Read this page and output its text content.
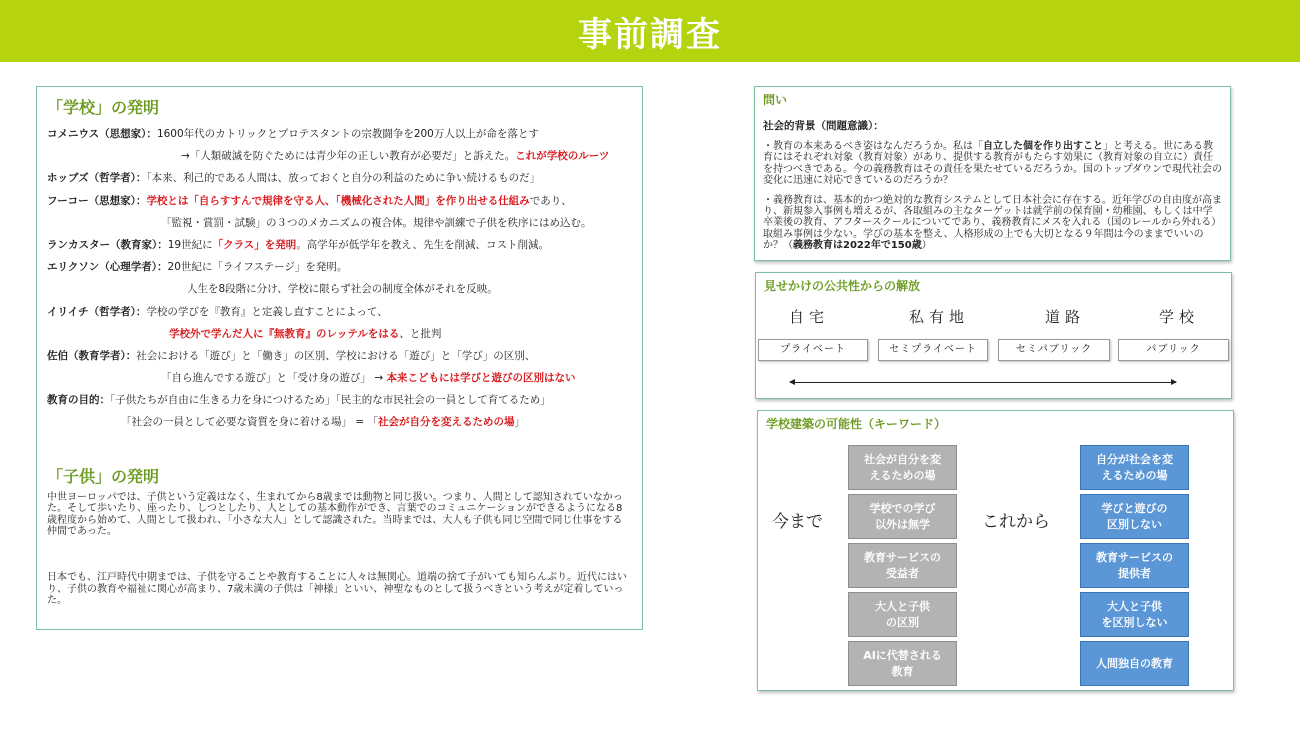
事前調査
「学校」の発明
コメニウス（思想家）：1600年代のカトリックとプロテスタントの宗教闘争を200万人以上が命を落とす
→「人類破滅を防ぐためには青少年の正しい教育が必要だ」と訴えた。これが学校のルーツ
ホッブズ（哲学者）：「本来、利己的である人間は、放っておくと自分の利益のために争い続けるものだ」
フーコー（思想家）：学校とは「自らすすんで規律を守る人、「機械化された人間」を作り出せる仕組みであり、
「監視・賞罰・試験」の３つのメカニズムの複合体。規律や訓練で子供を秩序にはめ込む。
ランカスター（教育家）：19世紀に「クラス」を発明。高学年が低学年を教え、先生を削減、コスト削減。
エリクソン（心理学者）：20世紀に「ライフステージ」を発明。
人生を8段階に分け、学校に限らず社会の制度全体がそれを反映。
イリイチ（哲学者）：学校の学びを『教育』と定義し直すことによって、
学校外で学んだ人に『無教育』のレッテルをはる、と批判
佐伯（教育学者）：社会における「遊び」と「働き」の区別、学校における「遊び」と「学び」の区別、
「自ら進んでする遊び」と「受け身の遊び」 → 本来こどもには学びと遊びの区別はない
教育の目的：「子供たちが自由に生きる力を身につけるため」「民主的な市民社会の一員として育てるため」
「社会の一員として必要な資質を身に着ける場」 = 「社会が自分を変えるための場」
「子供」の発明

中世ヨーロッパでは、子供という定義はなく、生まれてから8歳までは動物と同じ扱い。つまり、人間として認知されていなかった。そして歩いたり、座ったり、しつとしたり、人としての基本動作ができ、言葉でのコミュニケーションができるようになる8歳程度から始めて、人間として扱われ、「小さな大人」として認識された。当時までは、大人も子供も同じ空間で同じ仕事をする仲間であった。

日本でも、江戸時代中期までは、子供を守ることや教育することに人々は無関心。道端の捨て子がいても知らんぷり。近代にはいり、子供の教育や福祉に関心が高まり、7歳未満の子供は「神様」といい、神聖なものとして扱うべきという考えが定着していった。

問い
社会的背景（問題意識）：

・教育の本来あるべき姿はなんだろうか。私は「自立した個を作り出すこと」と考える。世にある教育にはそれぞれ対象（教育対象）があり、提供する教育がもたらす効果に（教育対象の自立に）責任を持つべきである。今の義務教育はその責任を果たせているだろうか。国のトップダウンで現代社会の変化に迅速に対応できているのだろうか？

・義務教育は、基本的かつ絶対的な教育システムとして日本社会に存在する。近年学びの自由度が高まり、新規参入事例も増えるが、各取組みの主なターゲットは就学前の保育園・幼稚園、もしくは中学卒業後の教育、アフタースクールについてであり、義務教育にメスを入れる（国のレールから外れる）取組み事例は少ない。学びの基本を整え、人格形成の上でも大切となる９年間は今のままでいいのか？（義務教育は2022年で150歳）

見せかけの公共性からの解放
自宅	私有地	道路	学校
プライベート	セミプライベート	セミパブリック	パブリック
学校建築の可能性（キーワード）
今まで	これから
社会が自分を変
えるための場
学校での学び
以外は無学
教育サービスの
受益者
大人と子供
の区別
AIに代替される
教育
自分が社会を変
えるための場
学びと遊びの
区別しない
教育サービスの
提供者
大人と子供
を区別しない
人間独自の教育
